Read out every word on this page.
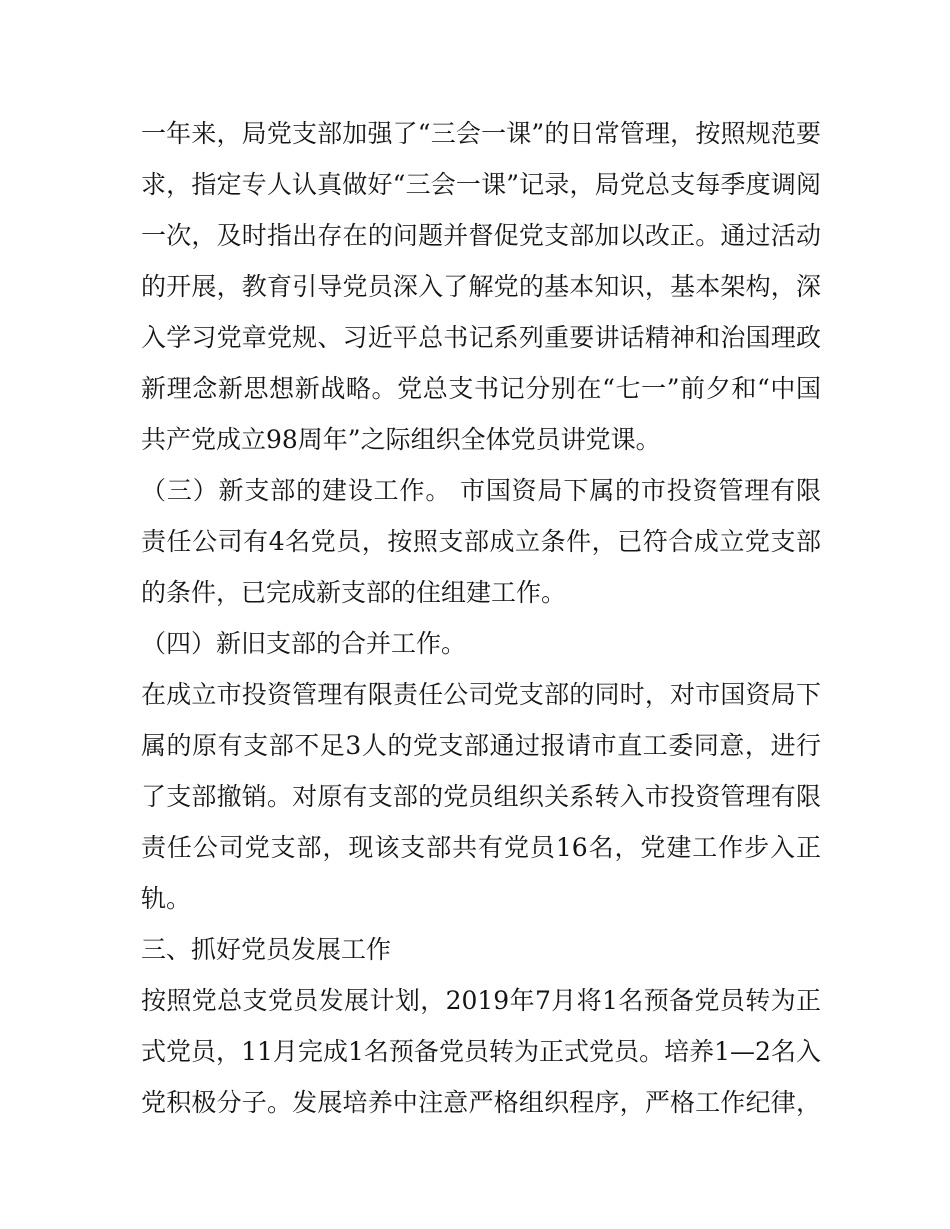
一年来，局党支部加强了“三会一课”的日常管理，按照规范要
求，指定专人认真做好“三会一课”记录，局党总支每季度调阅
一次，及时指出存在的问题并督促党支部加以改正。通过活动
的开展，教育引导党员深入了解党的基本知识，基本架构，深
入学习党章党规、习近平总书记系列重要讲话精神和治国理政
新理念新思想新战略。党总支书记分别在“七一”前夕和“中国
共产党成立98周年”之际组织全体党员讲党课。
（三）新支部的建设工作。 市国资局下属的市投资管理有限
责任公司有4名党员，按照支部成立条件，已符合成立党支部
的条件，已完成新支部的住组建工作。
（四）新旧支部的合并工作。
在成立市投资管理有限责任公司党支部的同时，对市国资局下
属的原有支部不足3人的党支部通过报请市直工委同意，进行
了支部撤销。对原有支部的党员组织关系转入市投资管理有限
责任公司党支部，现该支部共有党员16名，党建工作步入正
轨。
三、抓好党员发展工作
按照党总支党员发展计划，2019年7月将1名预备党员转为正
式党员，11月完成1名预备党员转为正式党员。培养1—2名入
党积极分子。发展培养中注意严格组织程序，严格工作纪律，
